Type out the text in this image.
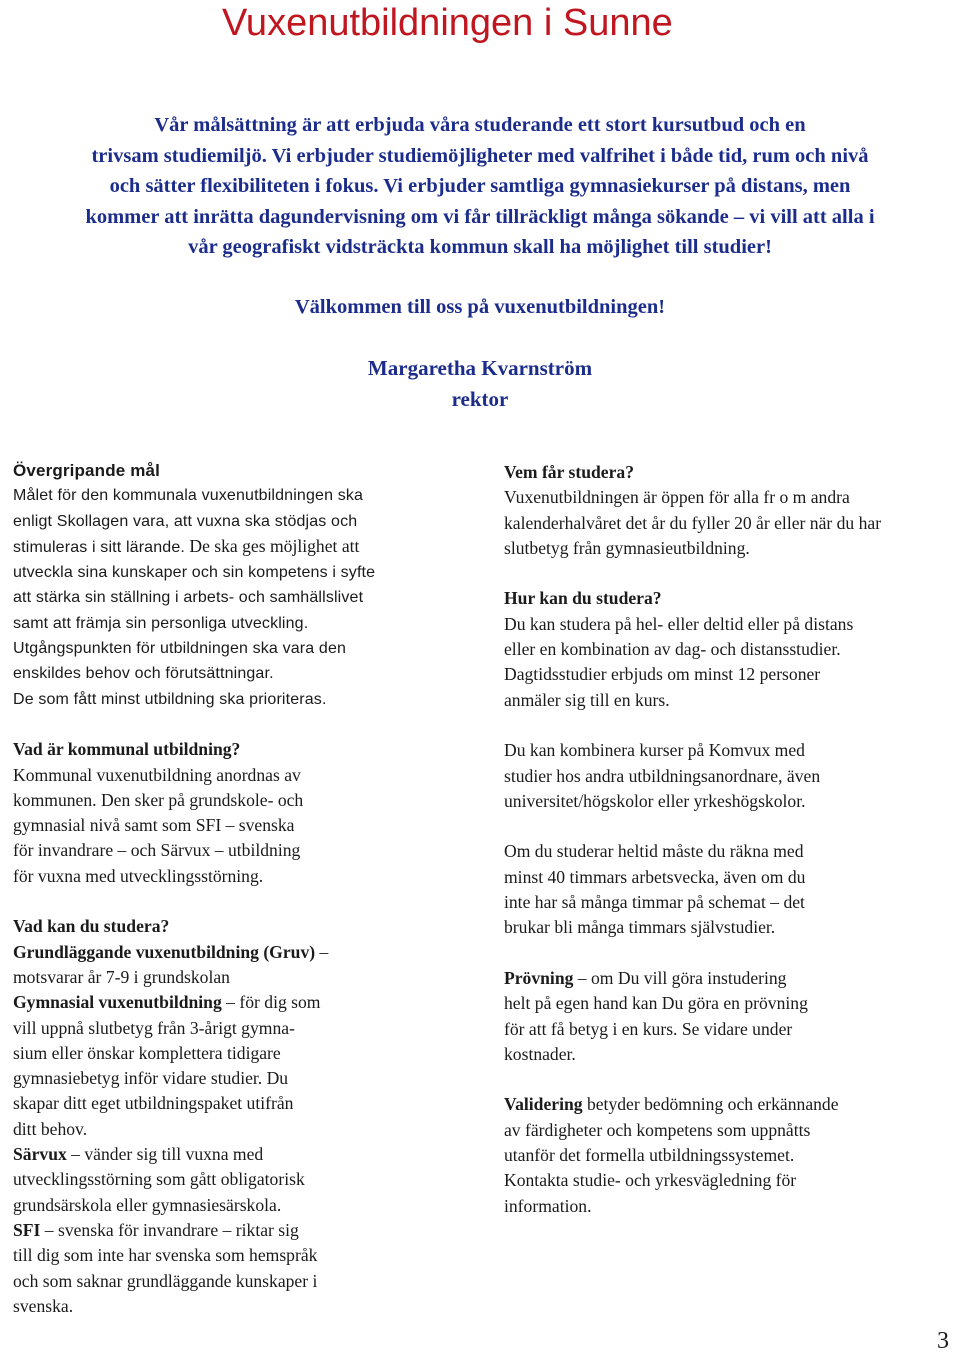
Vuxenutbildningen i Sunne
Vår målsättning är att erbjuda våra studerande ett stort kursutbud och en
trivsam studiemiljö. Vi erbjuder studiemöjligheter med valfrihet i både tid, rum och nivå
och sätter flexibiliteten i fokus. Vi erbjuder samtliga gymnasiekurser på distans, men
kommer att inrätta dagundervisning om vi får tillräckligt många sökande – vi vill att alla i
vår geografiskt vidsträckta kommun skall ha möjlighet till studier!
Välkommen till oss på vuxenutbildningen!
Margaretha Kvarnström
rektor
Övergripande mål
Målet för den kommunala vuxenutbildningen ska
enligt Skollagen vara, att vuxna ska stödjas och
stimuleras i sitt lärande. De ska ges möjlighet att
utveckla sina kunskaper och sin kompetens i syfte
att stärka sin ställning i arbets- och samhällslivet
samt att främja sin personliga utveckling.
Utgångspunkten för utbildningen ska vara den
enskildes behov och förutsättningar.
De som fått minst utbildning ska prioriteras.
Vad är kommunal utbildning?
Kommunal vuxenutbildning anordnas av
kommunen. Den sker på grundskole- och
gymnasial nivå samt som SFI – svenska
för invandrare – och Särvux – utbildning
för vuxna med utvecklingsstörning.
Vad kan du studera?
Grundläggande vuxenutbildning (Gruv) –
motsvarar år 7-9 i grundskolan
Gymnasial vuxenutbildning – för dig som
vill uppnå slutbetyg från 3-årigt gymna-
sium eller önskar komplettera tidigare
gymnasiebetyg inför vidare studier. Du
skapar ditt eget utbildningspaket utifrån
ditt behov.
Särvux – vänder sig till vuxna med
utvecklingsstörning som gått obligatorisk
grundsärskola eller gymnasiesärskola.
SFI – svenska för invandrare – riktar sig
till dig som inte har svenska som hemspråk
och som saknar grundläggande kunskaper i
svenska.
Vem får studera?
Vuxenutbildningen är öppen för alla fr o m andra
kalenderhalvåret det år du fyller 20 år eller när du har
slutbetyg från gymnasieutbildning.
Hur kan du studera?
Du kan studera på hel- eller deltid eller på distans
eller en kombination av dag- och distansstudier.
Dagtidsstudier erbjuds om minst 12 personer
anmäler sig till en kurs.
Du kan kombinera kurser på Komvux med
studier hos andra utbildningsanordnare, även
universitet/högskolor eller yrkeshögskolor.
Om du studerar heltid måste du räkna med
minst 40 timmars arbetsvecka, även om du
inte har så många timmar på schemat – det
brukar bli många timmars självstudier.
Prövning – om Du vill göra instudering
helt på egen hand kan Du göra en prövning
för att få betyg i en kurs. Se vidare under
kostnader.
Validering betyder bedömning och erkännande
av färdigheter och kompetens som uppnåtts
utanför det formella utbildningssystemet.
Kontakta studie- och yrkesvägledning för
information.
3
